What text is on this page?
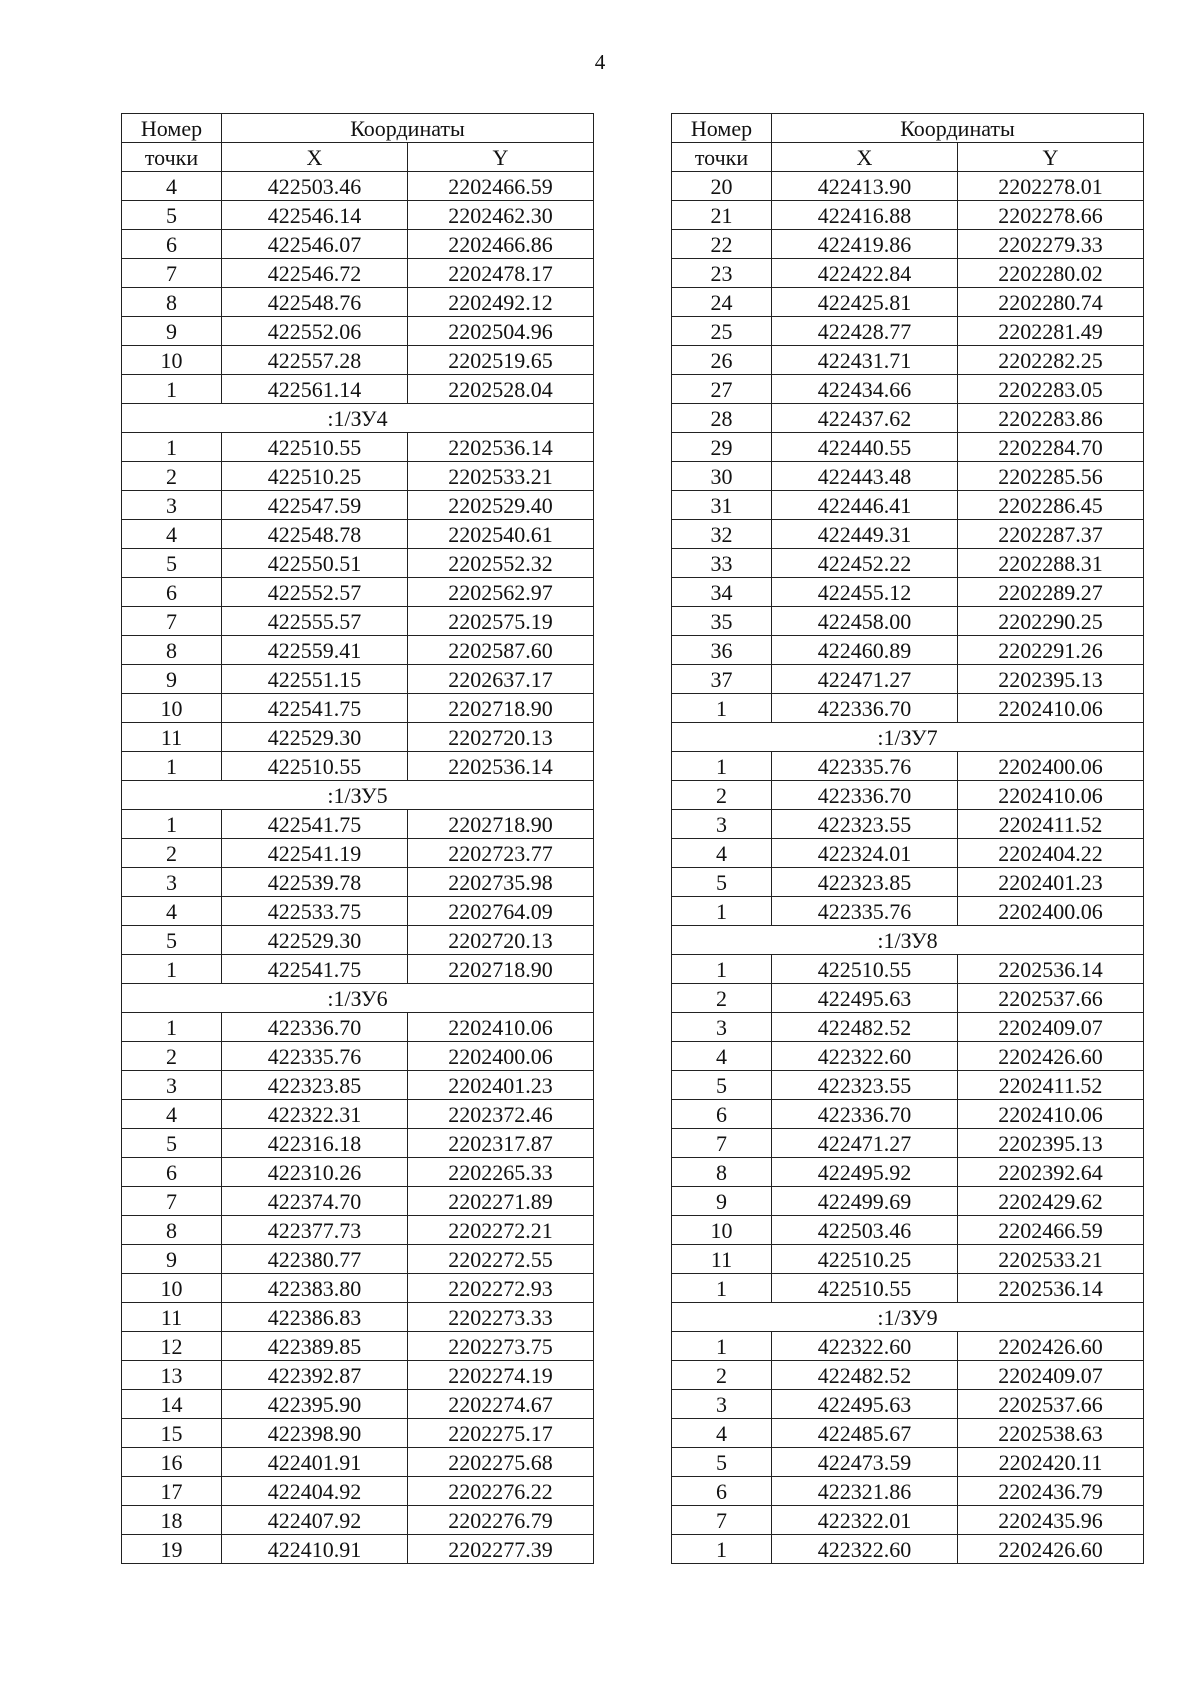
4
Номер	Координаты	
точки	X	Y
4	422503.46	2202466.59
5	422546.14	2202462.30
6	422546.07	2202466.86
7	422546.72	2202478.17
8	422548.76	2202492.12
9	422552.06	2202504.96
10	422557.28	2202519.65
1	422561.14	2202528.04
:1/ЗУ4		
1	422510.55	2202536.14
2	422510.25	2202533.21
3	422547.59	2202529.40
4	422548.78	2202540.61
5	422550.51	2202552.32
6	422552.57	2202562.97
7	422555.57	2202575.19
8	422559.41	2202587.60
9	422551.15	2202637.17
10	422541.75	2202718.90
11	422529.30	2202720.13
1	422510.55	2202536.14
:1/ЗУ5		
1	422541.75	2202718.90
2	422541.19	2202723.77
3	422539.78	2202735.98
4	422533.75	2202764.09
5	422529.30	2202720.13
1	422541.75	2202718.90
:1/ЗУ6		
1	422336.70	2202410.06
2	422335.76	2202400.06
3	422323.85	2202401.23
4	422322.31	2202372.46
5	422316.18	2202317.87
6	422310.26	2202265.33
7	422374.70	2202271.89
8	422377.73	2202272.21
9	422380.77	2202272.55
10	422383.80	2202272.93
11	422386.83	2202273.33
12	422389.85	2202273.75
13	422392.87	2202274.19
14	422395.90	2202274.67
15	422398.90	2202275.17
16	422401.91	2202275.68
17	422404.92	2202276.22
18	422407.92	2202276.79
19	422410.91	2202277.39
Номер	Координаты	
точки	X	Y
20	422413.90	2202278.01
21	422416.88	2202278.66
22	422419.86	2202279.33
23	422422.84	2202280.02
24	422425.81	2202280.74
25	422428.77	2202281.49
26	422431.71	2202282.25
27	422434.66	2202283.05
28	422437.62	2202283.86
29	422440.55	2202284.70
30	422443.48	2202285.56
31	422446.41	2202286.45
32	422449.31	2202287.37
33	422452.22	2202288.31
34	422455.12	2202289.27
35	422458.00	2202290.25
36	422460.89	2202291.26
37	422471.27	2202395.13
1	422336.70	2202410.06
:1/ЗУ7		
1	422335.76	2202400.06
2	422336.70	2202410.06
3	422323.55	2202411.52
4	422324.01	2202404.22
5	422323.85	2202401.23
1	422335.76	2202400.06
:1/ЗУ8		
1	422510.55	2202536.14
2	422495.63	2202537.66
3	422482.52	2202409.07
4	422322.60	2202426.60
5	422323.55	2202411.52
6	422336.70	2202410.06
7	422471.27	2202395.13
8	422495.92	2202392.64
9	422499.69	2202429.62
10	422503.46	2202466.59
11	422510.25	2202533.21
1	422510.55	2202536.14
:1/ЗУ9		
1	422322.60	2202426.60
2	422482.52	2202409.07
3	422495.63	2202537.66
4	422485.67	2202538.63
5	422473.59	2202420.11
6	422321.86	2202436.79
7	422322.01	2202435.96
1	422322.60	2202426.60
